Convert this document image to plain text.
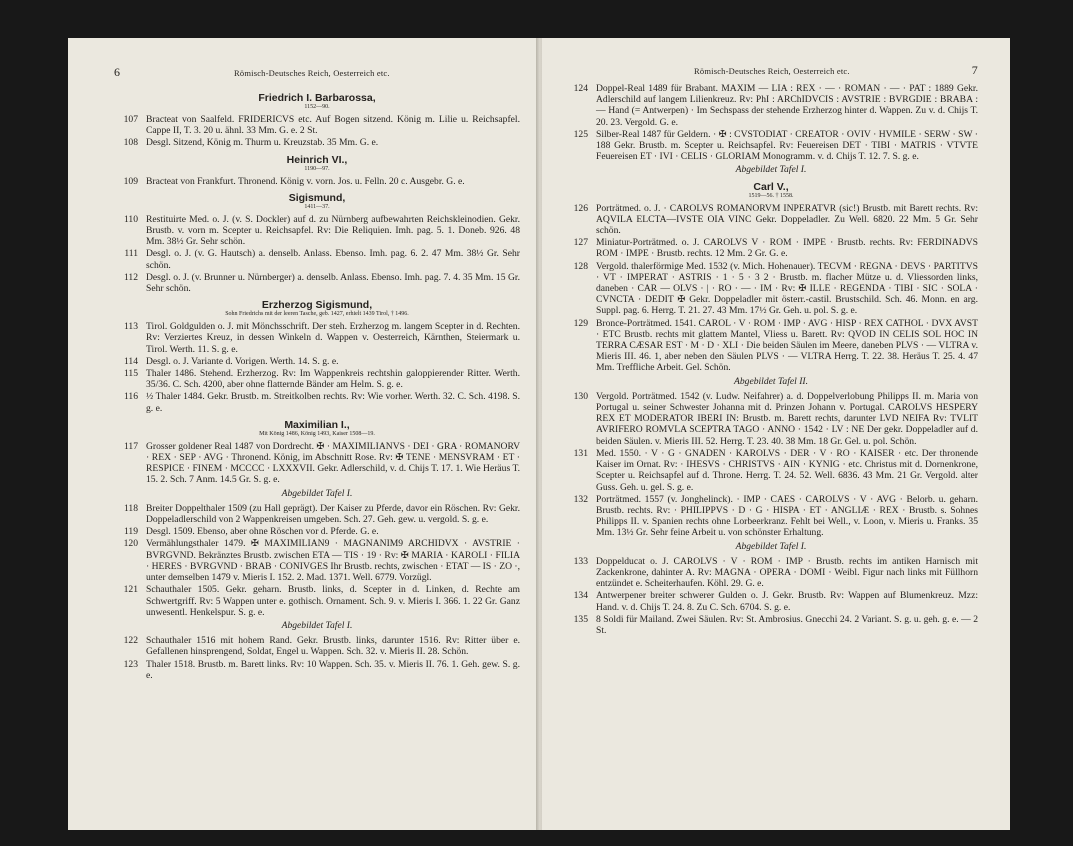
6	Römisch-Deutsches Reich, Oesterreich etc.
Friedrich I. Barbarossa,
1152—90.
107 Bracteat von Saalfeld. FRIDERICVS etc. Auf Bogen sitzend. König m. Lilie u. Reichsapfel. Cappe II, T. 3. 20 u. ähnl. 33 Mm. G. e. 2 St.
108 Desgl. Sitzend, König m. Thurm u. Kreuzstab. 35 Mm. G. e.
Heinrich VI.,
1190—97.
109 Bracteat von Frankfurt. Thronend. König v. vorn. Jos. u. Felln. 20 c. Ausgebr. G. e.
Sigismund,
1411—37.
110 Restituirte Med. o. J. (v. S. Dockler) auf d. zu Nürnberg aufbewahrten Reichskleinodien. Gekr. Brustb. v. vorn m. Scepter u. Reichsapfel. Rv: Die Reliquien. Imh. pag. 5. 1. Doneb. 926. 48 Mm. 38½ Gr. Sehr schön.
111 Desgl. o. J. (v. G. Hautsch) a. denselb. Anlass. Ebenso. Imh. pag. 6. 2. 47 Mm. 38½ Gr. Sehr schön.
112 Desgl. o. J. (v. Brunner u. Nürnberger) a. denselb. Anlass. Ebenso. Imh. pag. 7. 4. 35 Mm. 15 Gr. Sehr schön.
Erzherzog Sigismund,
Sohn Friedrichs mit der leeren Tasche, geb. 1427, erhielt 1439 Tirol, † 1496.
113 Tirol. Goldgulden o. J. mit Mönchsschrift. Der steh. Erzherzog m. langem Scepter in d. Rechten. Rv: Verziertes Kreuz, in dessen Winkeln d. Wappen v. Oesterreich, Kärnthen, Steiermark u. Tirol. Werth. 11. S. g. e.
114 Desgl. o. J. Variante d. Vorigen. Werth. 14. S. g. e.
115 Thaler 1486. Stehend. Erzherzog. Rv: Im Wappenkreis rechtshin galoppierender Ritter. Werth. 35/36. C. Sch. 4200, aber ohne flatternde Bänder am Helm. S. g. e.
116 ½ Thaler 1484. Gekr. Brustb. m. Streitkolben rechts. Rv: Wie vorher. Werth. 32. C. Sch. 4198. S. g. e.
Maximilian I.,
Mit König 1486, König 1493, Kaiser 1508—19.
117 Grosser goldener Real 1487 von Dordrecht. ✠ · MAXIMILIANVS · DEI · GRA · ROMANORV · REX · SEP · AVG · Thronend. König, im Abschnitt Rose. Rv: ✠ TENE · MENSVRAM · ET · RESPICE · FINEM · MCCCC · LXXXVII. Gekr. Adlerschild, v. d. Chijs T. 17. 1. Wie Heräus T. 15. 2. Sch. 7 Anm. 14.5 Gr. S. g. e.
Abgebildet Tafel I.
118 Breiter Doppelthaler 1509 (zu Hall geprägt). Der Kaiser zu Pferde, davor ein Röschen. Rv: Gekr. Doppeladlerschild von 2 Wappenkreisen umgeben. Sch. 27. Geh. gew. u. vergold. S. g. e.
119 Desgl. 1509. Ebenso, aber ohne Röschen vor d. Pferde. G. e.
120 Vermählungsthaler 1479. ✠ MAXIMILIAN9 · MAGNANIM9 ARCHIDVX · AVSTRIE · BVRGVND. Bekränztes Brustb. zwischen ETA — TIS · 19 · Rv: ✠ MARIA · KAROLI · FILIA · HERES · BVRGVND · BRAB · CONIVGES Ihr Brustb. rechts, zwischen · ETAT — IS · ZO ·, unter demselben 1479 v. Mieris I. 152. 2. Mad. 1371. Well. 6779. Vorzügl.
121 Schauthaler 1505. Gekr. geharn. Brustb. links, d. Scepter in d. Linken, d. Rechte am Schwertgriff. Rv: 5 Wappen unter e. gothisch. Ornament. Sch. 9. v. Mieris I. 366. 1. 22 Gr. Ganz unwesentl. Henkelspur. S. g. e.
Abgebildet Tafel I.
122 Schauthaler 1516 mit hohem Rand. Gekr. Brustb. links, darunter 1516. Rv: Ritter über e. Gefallenen hinsprengend, Soldat, Engel u. Wappen. Sch. 32. v. Mieris II. 28. Schön.
123 Thaler 1518. Brustb. m. Barett links. Rv: 10 Wappen. Sch. 35. v. Mieris II. 76. 1. Geh. gew. S. g. e.
Römisch-Deutsches Reich, Oesterreich etc.	7
124 Doppel-Real 1489 für Brabant. MAXIM — LIA : REX · — · ROMAN · — · PAT : 1889 Gekr. Adlerschild auf langem Lilienkreuz. Rv: PhI : ARChIDVCIS : AVSTRIE : BVRGDIE : BRABA : — Hand (= Antwerpen) · Im Sechspass der stehende Erzherzog hinter d. Wappen. Zu v. d. Chijs T. 20. 23. Vergold. G. e.
125 Silber-Real 1487 für Geldern. · ✠ : CVSTODIAT · CREATOR · OVIV · HVMILE · SERW · SW · 188 Gekr. Brustb. m. Scepter u. Reichsapfel. Rv: Feuereisen DET · TIBI · MATRIS · VTVTE Feuereisen ET · IVI · CELIS · GLORIAM Monogramm. v. d. Chijs T. 12. 7. S. g. e.
Abgebildet Tafel I.
Carl V.,
1519—56. † 1558.
126 Porträtmed. o. J. · CAROLVS ROMANORVM INPERATVR (sic!) Brustb. mit Barett rechts. Rv: AQVILA ELCTA—IVSTE OIA VINC Gekr. Doppeladler. Zu Well. 6820. 22 Mm. 5 Gr. Sehr schön.
127 Miniatur-Porträtmed. o. J. CAROLVS V · ROM · IMPE · Brustb. rechts. Rv: FERDINADVS ROM · IMPE · Brustb. rechts. 12 Mm. 2 Gr. G. e.
128 Vergold. thalerförmige Med. 1532 (v. Mich. Hohenauer). TECVM · REGNA · DEVS · PARTITVS · VT · IMPERAT · ASTRIS · 1 · 5 · 3 2 · Brustb. m. flacher Mütze u. d. Vliessorden links, daneben · CAR — OLVS · | · RO · — · IM · Rv: ✠ ILLE · REGENDA · TIBI · SIC · SOLA · CVNCTA · DEDIT ✠ Gekr. Doppeladler mit österr.-castil. Brustschild. Sch. 46. Monn. en arg. Suppl. pag. 6. Herrg. T. 21. 27. 43 Mm. 17½ Gr. Geh. u. pol. S. g. e.
129 Bronce-Porträtmed. 1541. CAROL · V · ROM · IMP · AVG · HISP · REX CATHOL · DVX AVST · ETC Brustb. rechts mit glattem Mantel, Vliess u. Barett. Rv: QVOD IN CELIS SOL HOC IN TERRA CÆSAR EST · M · D · XLI · Die beiden Säulen im Meere, daneben PLVS · — VLTRA v. Mieris III. 46. 1, aber neben den Säulen PLVS · — VLTRA Herrg. T. 22. 38. Heräus T. 25. 4. 47 Mm. Treffliche Arbeit. Gel. Schön.
Abgebildet Tafel II.
130 Vergold. Porträtmed. 1542 (v. Ludw. Neifahrer) a. d. Doppelverlobung Philipps II. m. Maria von Portugal u. seiner Schwester Johanna mit d. Prinzen Johann v. Portugal. CAROLVS HESPERY REX ET MODERATOR IBERI IN: Brustb. m. Barett rechts, darunter LVD NEIFA Rv: TVLIT AVRIFERO ROMVLA SCEPTRA TAGO · ANNO · 1542 · LV : NE Der gekr. Doppeladler auf d. beiden Säulen. v. Mieris III. 52. Herrg. T. 23. 40. 38 Mm. 18 Gr. Gel. u. pol. Schön.
131 Med. 1550. · V · G · GNADEN · KAROLVS · DER · V · RO · KAISER · etc. Der thronende Kaiser im Ornat. Rv: · IHESVS · CHRISTVS · AIN · KYNIG · etc. Christus mit d. Dornenkrone, Scepter u. Reichsapfel auf d. Throne. Herrg. T. 24. 52. Well. 6836. 43 Mm. 21 Gr. Vergold. alter Guss. Geh. u. gel. S. g. e.
132 Porträtmed. 1557 (v. Jonghelinck). · IMP · CAES · CAROLVS · V · AVG · Belorb. u. geharn. Brustb. rechts. Rv: · PHILIPPVS · D · G · HISPA · ET · ANGLIÆ · REX · Brustb. s. Sohnes Philipps II. v. Spanien rechts ohne Lorbeerkranz. Fehlt bei Well., v. Loon, v. Mieris u. Franks. 35 Mm. 13½ Gr. Sehr feine Arbeit u. von schönster Erhaltung.
Abgebildet Tafel I.
133 Doppelducat o. J. CAROLVS · V · ROM · IMP · Brustb. rechts im antiken Harnisch mit Zackenkrone, dahinter A. Rv: MAGNA · OPERA · DOMI · Weibl. Figur nach links mit Füllhorn entzündet e. Scheiterhaufen. Köhl. 29. G. e.
134 Antwerpener breiter schwerer Gulden o. J. Gekr. Brustb. Rv: Wappen auf Blumenkreuz. Mzz: Hand. v. d. Chijs T. 24. 8. Zu C. Sch. 6704. S. g. e.
135 8 Soldi für Mailand. Zwei Säulen. Rv: St. Ambrosius. Gnecchi 24. 2 Variant. S. g. u. geh. g. e. — 2 St.
